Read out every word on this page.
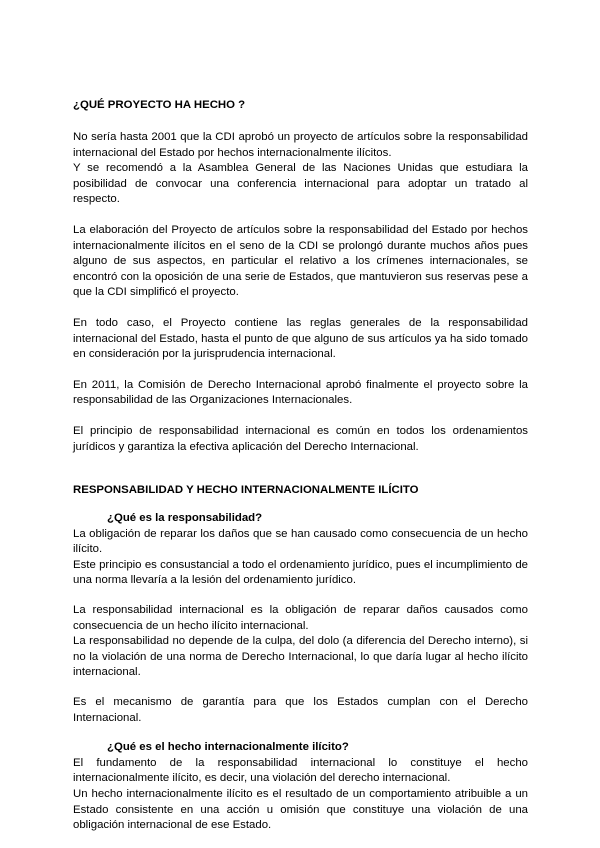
¿QUÉ PROYECTO HA HECHO ?

No sería hasta 2001 que la CDI aprobó un proyecto de artículos sobre la responsabilidad internacional del Estado por hechos internacionalmente ilícitos.

Y se recomendó a la Asamblea General de las Naciones Unidas que estudiara la posibilidad de convocar una conferencia internacional para adoptar un tratado al respecto.

La elaboración del Proyecto de artículos sobre la responsabilidad del Estado por hechos internacionalmente ilícitos en el seno de la CDI se prolongó durante muchos años pues alguno de sus aspectos, en particular el relativo a los crímenes internacionales, se encontró con la oposición de una serie de Estados, que mantuvieron sus reservas pese a que la CDI simplificó el proyecto.

En todo caso, el Proyecto contiene las reglas generales de la responsabilidad internacional del Estado, hasta el punto de que alguno de sus artículos ya ha sido tomado en consideración por la jurisprudencia internacional.

En 2011, la Comisión de Derecho Internacional aprobó finalmente el proyecto sobre la responsabilidad de las Organizaciones Internacionales.

El principio de responsabilidad internacional es común en todos los ordenamientos jurídicos y garantiza la efectiva aplicación del Derecho Internacional.

RESPONSABILIDAD Y HECHO INTERNACIONALMENTE ILÍCITO
¿Qué es la responsabilidad?

La obligación de reparar los daños que se han causado como consecuencia de un hecho ilícito.

Este principio es consustancial a todo el ordenamiento jurídico, pues el incumplimiento de una norma llevaría a la lesión del ordenamiento jurídico.

La responsabilidad internacional es la obligación de reparar daños causados como consecuencia de un hecho ilícito internacional.

La responsabilidad no depende de la culpa, del dolo (a diferencia del Derecho interno), si no la violación de una norma de Derecho Internacional, lo que daría lugar al hecho ilícito internacional.

Es el mecanismo de garantía para que los Estados cumplan con el Derecho Internacional.

¿Qué es el hecho internacionalmente ilícito?

El fundamento de la responsabilidad internacional lo constituye el hecho internacionalmente ilícito, es decir, una violación del derecho internacional.

Un hecho internacionalmente ilícito es el resultado de un comportamiento atribuible a un Estado consistente en una acción u omisión que constituye una violación de una obligación internacional de ese Estado.
